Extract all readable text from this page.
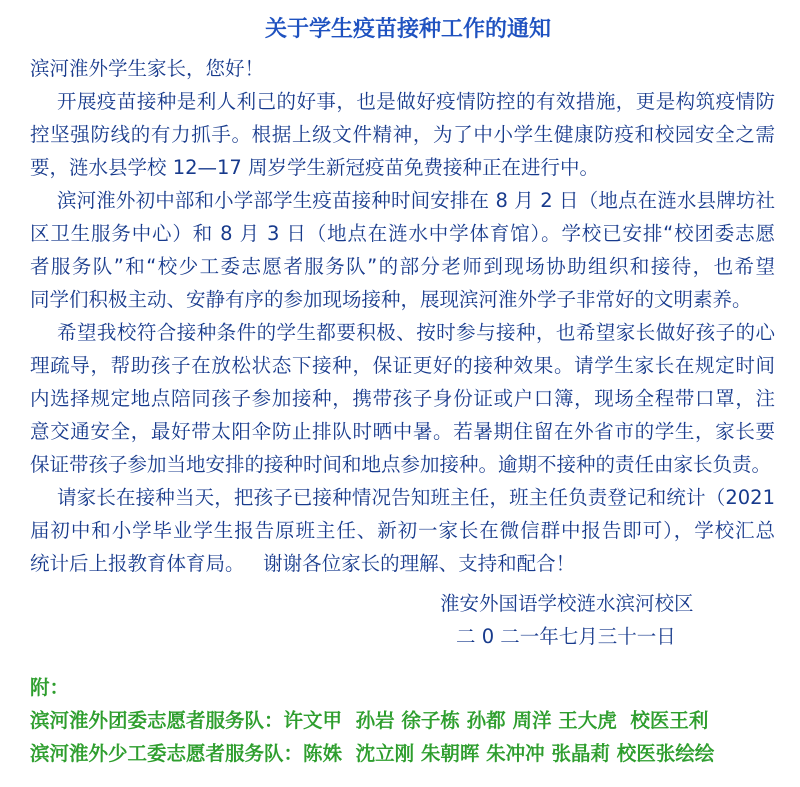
关于学生疫苗接种工作的通知
滨河淮外学生家长，您好！
开展疫苗接种是利人利己的好事，也是做好疫情防控的有效措施，更是构筑疫情防
控坚强防线的有力抓手。根据上级文件精神，为了中小学生健康防疫和校园安全之需
要，涟水县学校 12—17 周岁学生新冠疫苗免费接种正在进行中。
滨河淮外初中部和小学部学生疫苗接种时间安排在 8 月 2 日（地点在涟水县牌坊社
区卫生服务中心）和 8 月 3 日（地点在涟水中学体育馆）。学校已安排“校团委志愿
者服务队”和“校少工委志愿者服务队”的部分老师到现场协助组织和接待，也希望
同学们积极主动、安静有序的参加现场接种，展现滨河淮外学子非常好的文明素养。
希望我校符合接种条件的学生都要积极、按时参与接种，也希望家长做好孩子的心
理疏导，帮助孩子在放松状态下接种，保证更好的接种效果。请学生家长在规定时间
内选择规定地点陪同孩子参加接种，携带孩子身份证或户口簿，现场全程带口罩，注
意交通安全，最好带太阳伞防止排队时晒中暑。若暑期住留在外省市的学生，家长要
保证带孩子参加当地安排的接种时间和地点参加接种。逾期不接种的责任由家长负责。
请家长在接种当天，把孩子已接种情况告知班主任，班主任负责登记和统计（2021
届初中和小学毕业学生报告原班主任、新初一家长在微信群中报告即可），学校汇总
统计后上报教育体育局。   谢谢各位家长的理解、支持和配合！
淮安外国语学校涟水滨河校区
二 0 二一年七月三十一日
附：
滨河淮外团委志愿者服务队：许文甲  孙岩 徐子栋 孙都 周洋 王大虎  校医王利
滨河淮外少工委志愿者服务队：陈姝  沈立刚 朱朝晖 朱冲冲 张晶莉 校医张绘绘
